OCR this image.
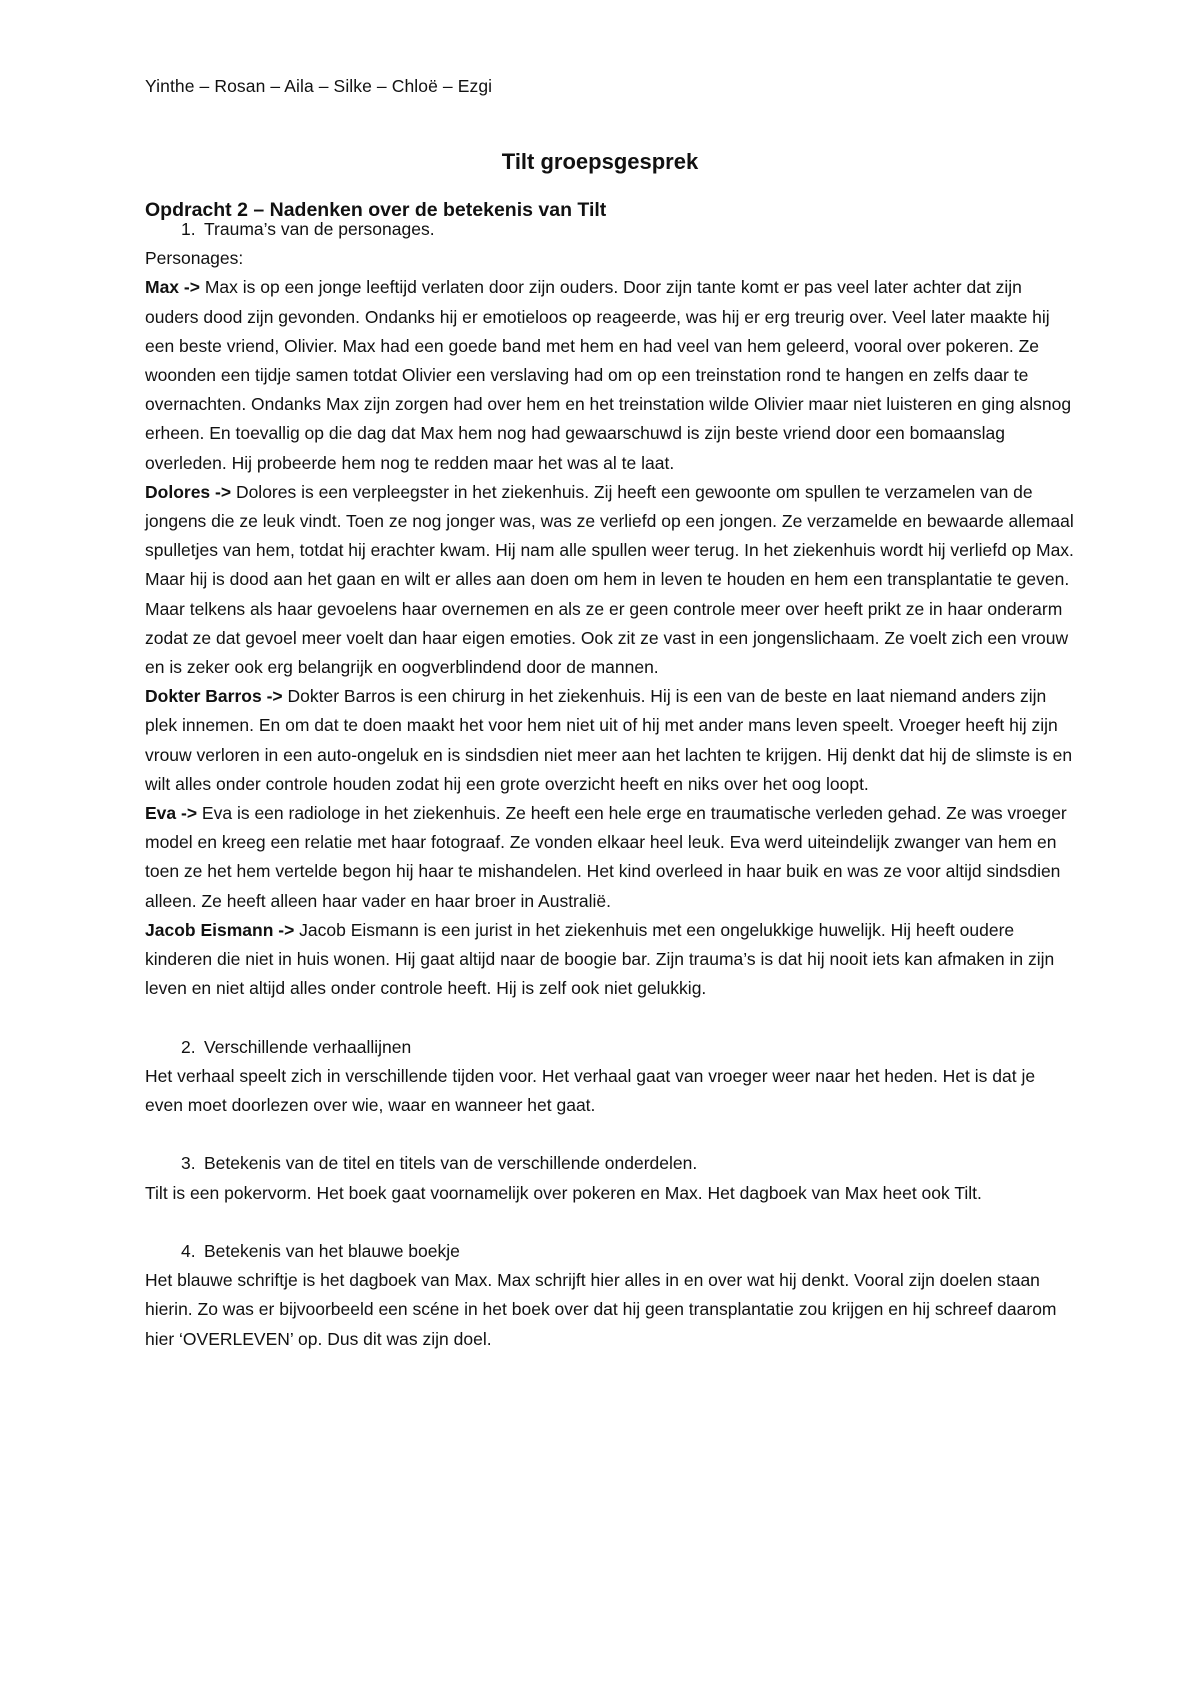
Yinthe – Rosan – Aila – Silke – Chloë – Ezgi
Tilt groepsgesprek
Opdracht 2 – Nadenken over de betekenis van Tilt
1. Trauma’s van de personages.

Personages:

Max -> Max is op een jonge leeftijd verlaten door zijn ouders. Door zijn tante komt er pas veel later achter dat zijn ouders dood zijn gevonden. Ondanks hij er emotieloos op reageerde, was hij er erg treurig over. Veel later maakte hij een beste vriend, Olivier. Max had een goede band met hem en had veel van hem geleerd, vooral over pokeren. Ze woonden een tijdje samen totdat Olivier een verslaving had om op een treinstation rond te hangen en zelfs daar te overnachten. Ondanks Max zijn zorgen had over hem en het treinstation wilde Olivier maar niet luisteren en ging alsnog erheen. En toevallig op die dag dat Max hem nog had gewaarschuwd is zijn beste vriend door een bomaanslag overleden. Hij probeerde hem nog te redden maar het was al te laat.

Dolores -> Dolores is een verpleegster in het ziekenhuis. Zij heeft een gewoonte om spullen te verzamelen van de jongens die ze leuk vindt. Toen ze nog jonger was, was ze verliefd op een jongen. Ze verzamelde en bewaarde allemaal spulletjes van hem, totdat hij erachter kwam. Hij nam alle spullen weer terug. In het ziekenhuis wordt hij verliefd op Max. Maar hij is dood aan het gaan en wilt er alles aan doen om hem in leven te houden en hem een transplantatie te geven. Maar telkens als haar gevoelens haar overnemen en als ze er geen controle meer over heeft prikt ze in haar onderarm zodat ze dat gevoel meer voelt dan haar eigen emoties. Ook zit ze vast in een jongenslichaam. Ze voelt zich een vrouw en is zeker ook erg belangrijk en oogverblindend door de mannen.

Dokter Barros -> Dokter Barros is een chirurg in het ziekenhuis. Hij is een van de beste en laat niemand anders zijn plek innemen. En om dat te doen maakt het voor hem niet uit of hij met ander mans leven speelt. Vroeger heeft hij zijn vrouw verloren in een auto-ongeluk en is sindsdien niet meer aan het lachten te krijgen. Hij denkt dat hij de slimste is en wilt alles onder controle houden zodat hij een grote overzicht heeft en niks over het oog loopt.

Eva -> Eva is een radiologe in het ziekenhuis. Ze heeft een hele erge en traumatische verleden gehad. Ze was vroeger model en kreeg een relatie met haar fotograaf. Ze vonden elkaar heel leuk. Eva werd uiteindelijk zwanger van hem en toen ze het hem vertelde begon hij haar te mishandelen. Het kind overleed in haar buik en was ze voor altijd sindsdien alleen. Ze heeft alleen haar vader en haar broer in Australië.

Jacob Eismann -> Jacob Eismann is een jurist in het ziekenhuis met een ongelukkige huwelijk. Hij heeft oudere kinderen die niet in huis wonen. Hij gaat altijd naar de boogie bar. Zijn trauma’s is dat hij nooit iets kan afmaken in zijn leven en niet altijd alles onder controle heeft. Hij is zelf ook niet gelukkig.

2. Verschillende verhaallijnen

Het verhaal speelt zich in verschillende tijden voor. Het verhaal gaat van vroeger weer naar het heden. Het is dat je even moet doorlezen over wie, waar en wanneer het gaat.

3. Betekenis van de titel en titels van de verschillende onderdelen.

Tilt is een pokervorm. Het boek gaat voornamelijk over pokeren en Max. Het dagboek van Max heet ook Tilt.

4. Betekenis van het blauwe boekje

Het blauwe schriftje is het dagboek van Max. Max schrijft hier alles in en over wat hij denkt. Vooral zijn doelen staan hierin. Zo was er bijvoorbeeld een scéne in het boek over dat hij geen transplantatie zou krijgen en hij schreef daarom hier ‘OVERLEVEN’ op. Dus dit was zijn doel.
